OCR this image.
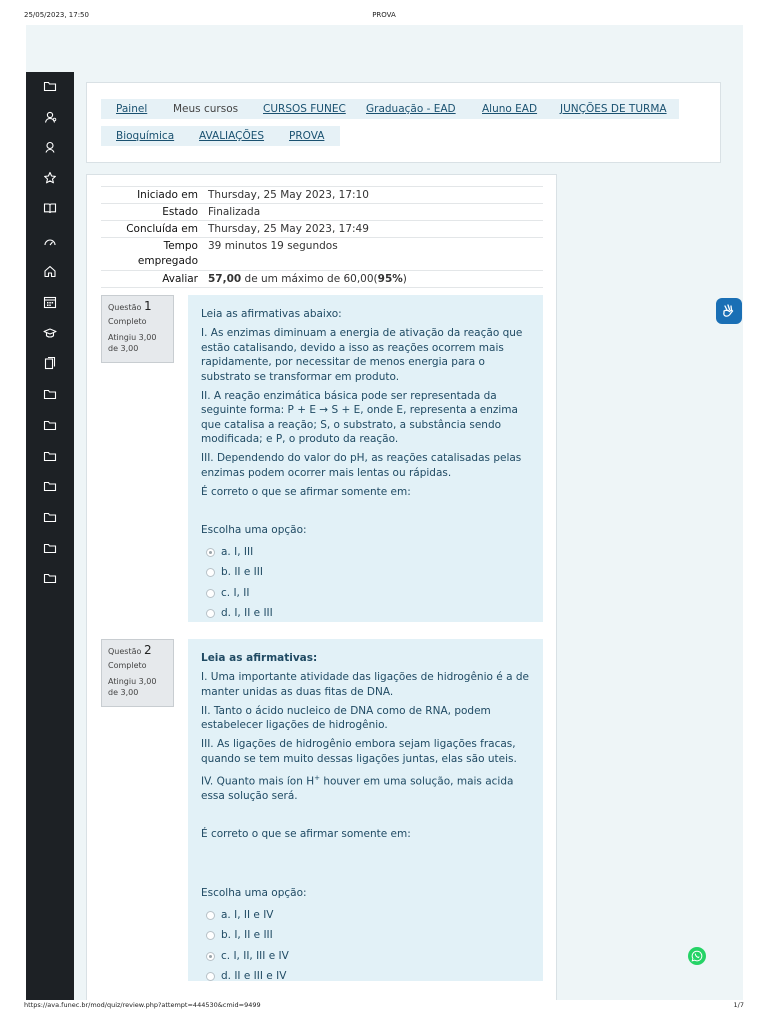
25/05/2023, 17:50	PROVA
Painel	Meus cursos	CURSOS FUNEC	Graduação - EAD	Aluno EAD	JUNÇÕES DE TURMA
Bioquímica	AVALIAÇÕES	PROVA
Iniciado em Thursday, 25 May 2023, 17:10
Estado Finalizada
Concluída em Thursday, 25 May 2023, 17:49
Tempo
empregado
39 minutos 19 segundos
Avaliar 57,00 de um máximo de 60,00(95%)
Questão 1
Completo
Atingiu 3,00 de 3,00

Leia as afirmativas abaixo:

I. As enzimas diminuam a energia de ativação da reação que estão catalisando, devido a isso as reações ocorrem mais rapidamente, por necessitar de menos energia para o substrato se transformar em produto.

II. A reação enzimática básica pode ser representada da seguinte forma: P + E → S + E, onde E, representa a enzima que catalisa a reação; S, o substrato, a substância sendo modificada; e P, o produto da reação.

III. Dependendo do valor do pH, as reações catalisadas pelas enzimas podem ocorrer mais lentas ou rápidas.

É correto o que se afirmar somente em:

Escolha uma opção:

a. I, III
b. II e III
c. I, II
d. I, II e III
Questão 2
Completo
Atingiu 3,00 de 3,00

Leia as afirmativas:

I. Uma importante atividade das ligações de hidrogênio é a de manter unidas as duas fitas de DNA.

II. Tanto o ácido nucleico de DNA como de RNA, podem estabelecer ligações de hidrogênio.

III. As ligações de hidrogênio embora sejam ligações fracas, quando se tem muito dessas ligações juntas, elas são uteis.

IV. Quanto mais íon H+ houver em uma solução, mais acida essa solução será.

É correto o que se afirmar somente em:

Escolha uma opção:

a. I, II e IV
b. I, II e III
c. I, II, III e IV
d. II e III e IV
https://ava.funec.br/mod/quiz/review.php?attempt=444530&cmid=9499	1/7
